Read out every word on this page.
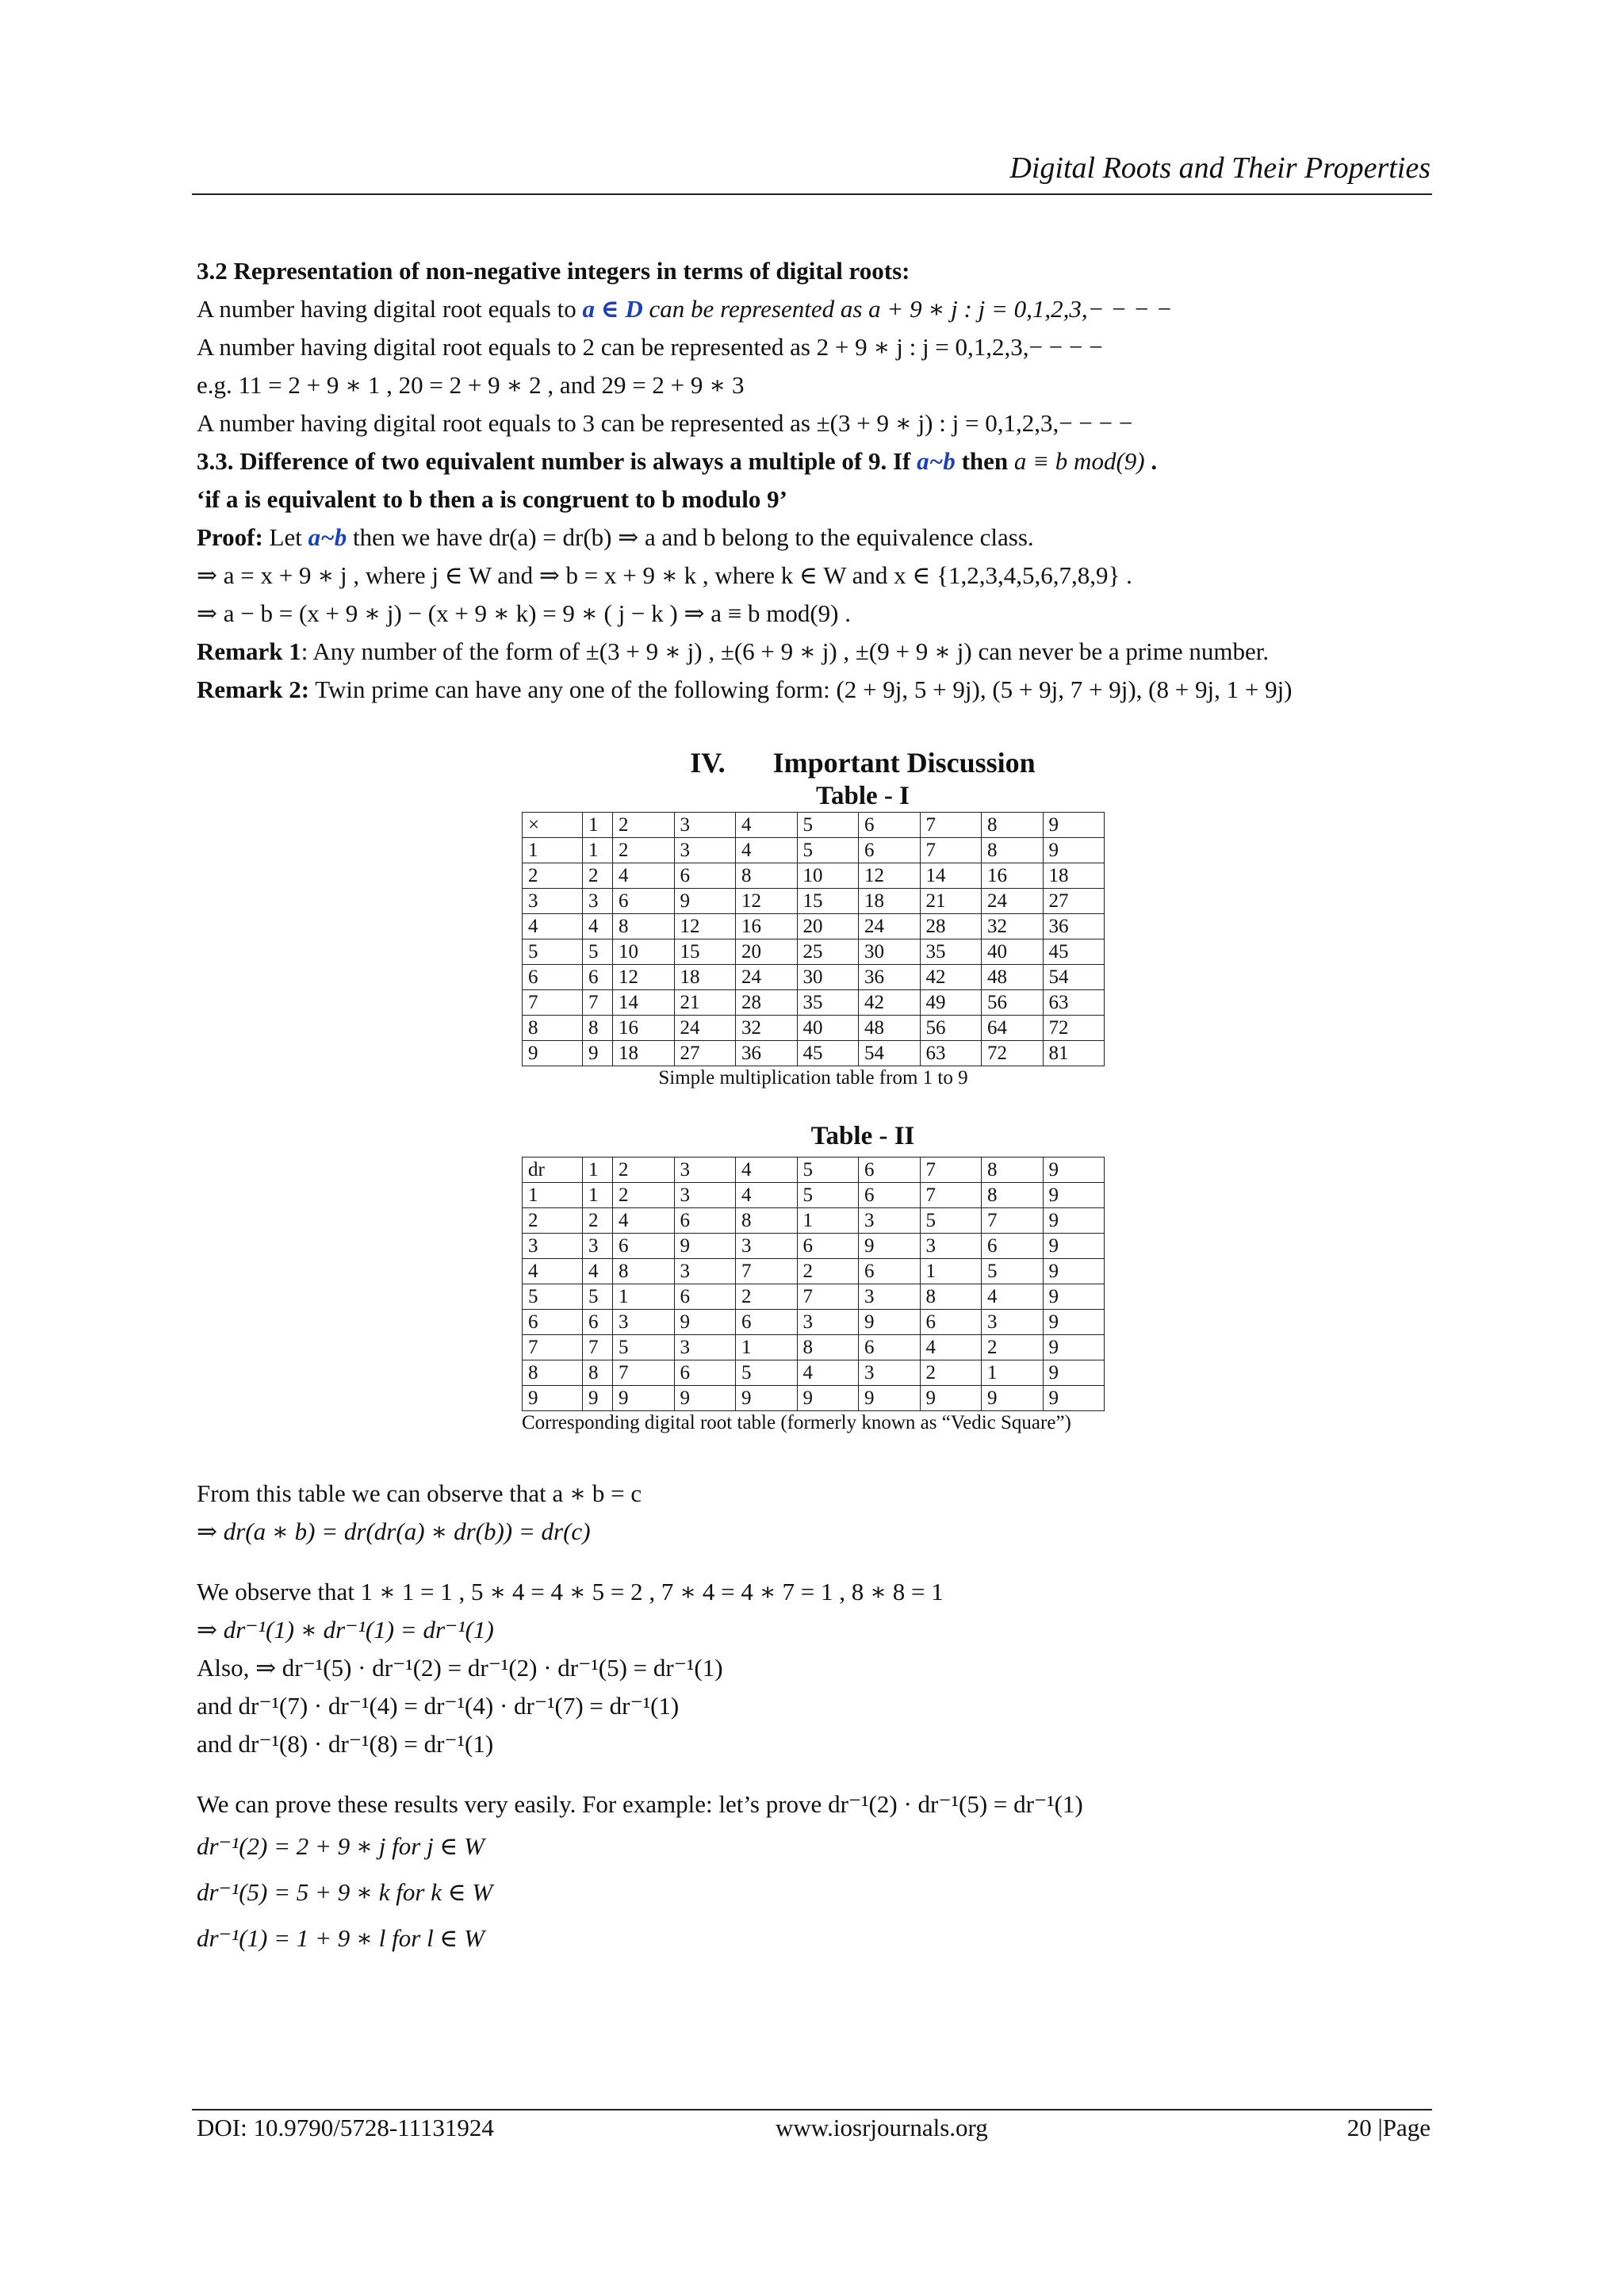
Digital Roots and Their Properties
3.2 Representation of non-negative integers in terms of digital roots:
A number having digital root equals to a ∈ D can be represented as a + 9 ∗ j : j = 0,1,2,3,− − − −
A number having digital root equals to 2 can be represented as 2 + 9 ∗ j : j = 0,1,2,3,− − − −
e.g. 11 = 2 + 9 ∗ 1 , 20 = 2 + 9 ∗ 2 , and 29 = 2 + 9 ∗ 3
A number having digital root equals to 3 can be represented as ±(3 + 9 ∗ j) : j = 0,1,2,3,− − − −
3.3. Difference of two equivalent number is always a multiple of 9. If a~b then a ≡ b mod(9) .
‘if a is equivalent to b then a is congruent to b modulo 9’
Proof: Let a~b then we have dr(a) = dr(b) ⇒ a and b belong to the equivalence class.
⇒ a = x + 9 ∗ j , where j ∈ W and ⇒ b = x + 9 ∗ k , where k ∈ W and x ∈ {1,2,3,4,5,6,7,8,9} .
⇒ a − b = (x + 9 ∗ j) − (x + 9 ∗ k) = 9 ∗ ( j − k ) ⇒ a ≡ b mod(9) .
Remark 1: Any number of the form of ±(3 + 9 ∗ j) , ±(6 + 9 ∗ j) , ±(9 + 9 ∗ j) can never be a prime number.
Remark 2: Twin prime can have any one of the following form: (2 + 9j, 5 + 9j), (5 + 9j, 7 + 9j), (8 + 9j, 1 + 9j)
IV. Important Discussion
Table - I
×	1	2	3	4	5	6	7	8	9
1	1	2	3	4	5	6	7	8	9
2	2	4	6	8	10	12	14	16	18
3	3	6	9	12	15	18	21	24	27
4	4	8	12	16	20	24	28	32	36
5	5	10	15	20	25	30	35	40	45
6	6	12	18	24	30	36	42	48	54
7	7	14	21	28	35	42	49	56	63
8	8	16	24	32	40	48	56	64	72
9	9	18	27	36	45	54	63	72	81
Simple multiplication table from 1 to 9
Table - II
dr	1	2	3	4	5	6	7	8	9
1	1	2	3	4	5	6	7	8	9
2	2	4	6	8	1	3	5	7	9
3	3	6	9	3	6	9	3	6	9
4	4	8	3	7	2	6	1	5	9
5	5	1	6	2	7	3	8	4	9
6	6	3	9	6	3	9	6	3	9
7	7	5	3	1	8	6	4	2	9
8	8	7	6	5	4	3	2	1	9
9	9	9	9	9	9	9	9	9	9
Corresponding digital root table (formerly known as “Vedic Square”)
From this table we can observe that a ∗ b = c
⇒ dr(a ∗ b) = dr(dr(a) ∗ dr(b)) = dr(c)
We observe that 1 ∗ 1 = 1 , 5 ∗ 4 = 4 ∗ 5 = 2 , 7 ∗ 4 = 4 ∗ 7 = 1 , 8 ∗ 8 = 1
⇒ dr⁻¹(1) ∗ dr⁻¹(1) = dr⁻¹(1)
Also, ⇒ dr⁻¹(5) · dr⁻¹(2) = dr⁻¹(2) · dr⁻¹(5) = dr⁻¹(1)
and dr⁻¹(7) · dr⁻¹(4) = dr⁻¹(4) · dr⁻¹(7) = dr⁻¹(1)
and dr⁻¹(8) · dr⁻¹(8) = dr⁻¹(1)
We can prove these results very easily. For example: let’s prove dr⁻¹(2) · dr⁻¹(5) = dr⁻¹(1)
dr⁻¹(2) = 2 + 9 ∗ j for j ∈ W
dr⁻¹(5) = 5 + 9 ∗ k for k ∈ W
dr⁻¹(1) = 1 + 9 ∗ l for l ∈ W
DOI: 10.9790/5728-11131924	www.iosrjournals.org	20 |Page
